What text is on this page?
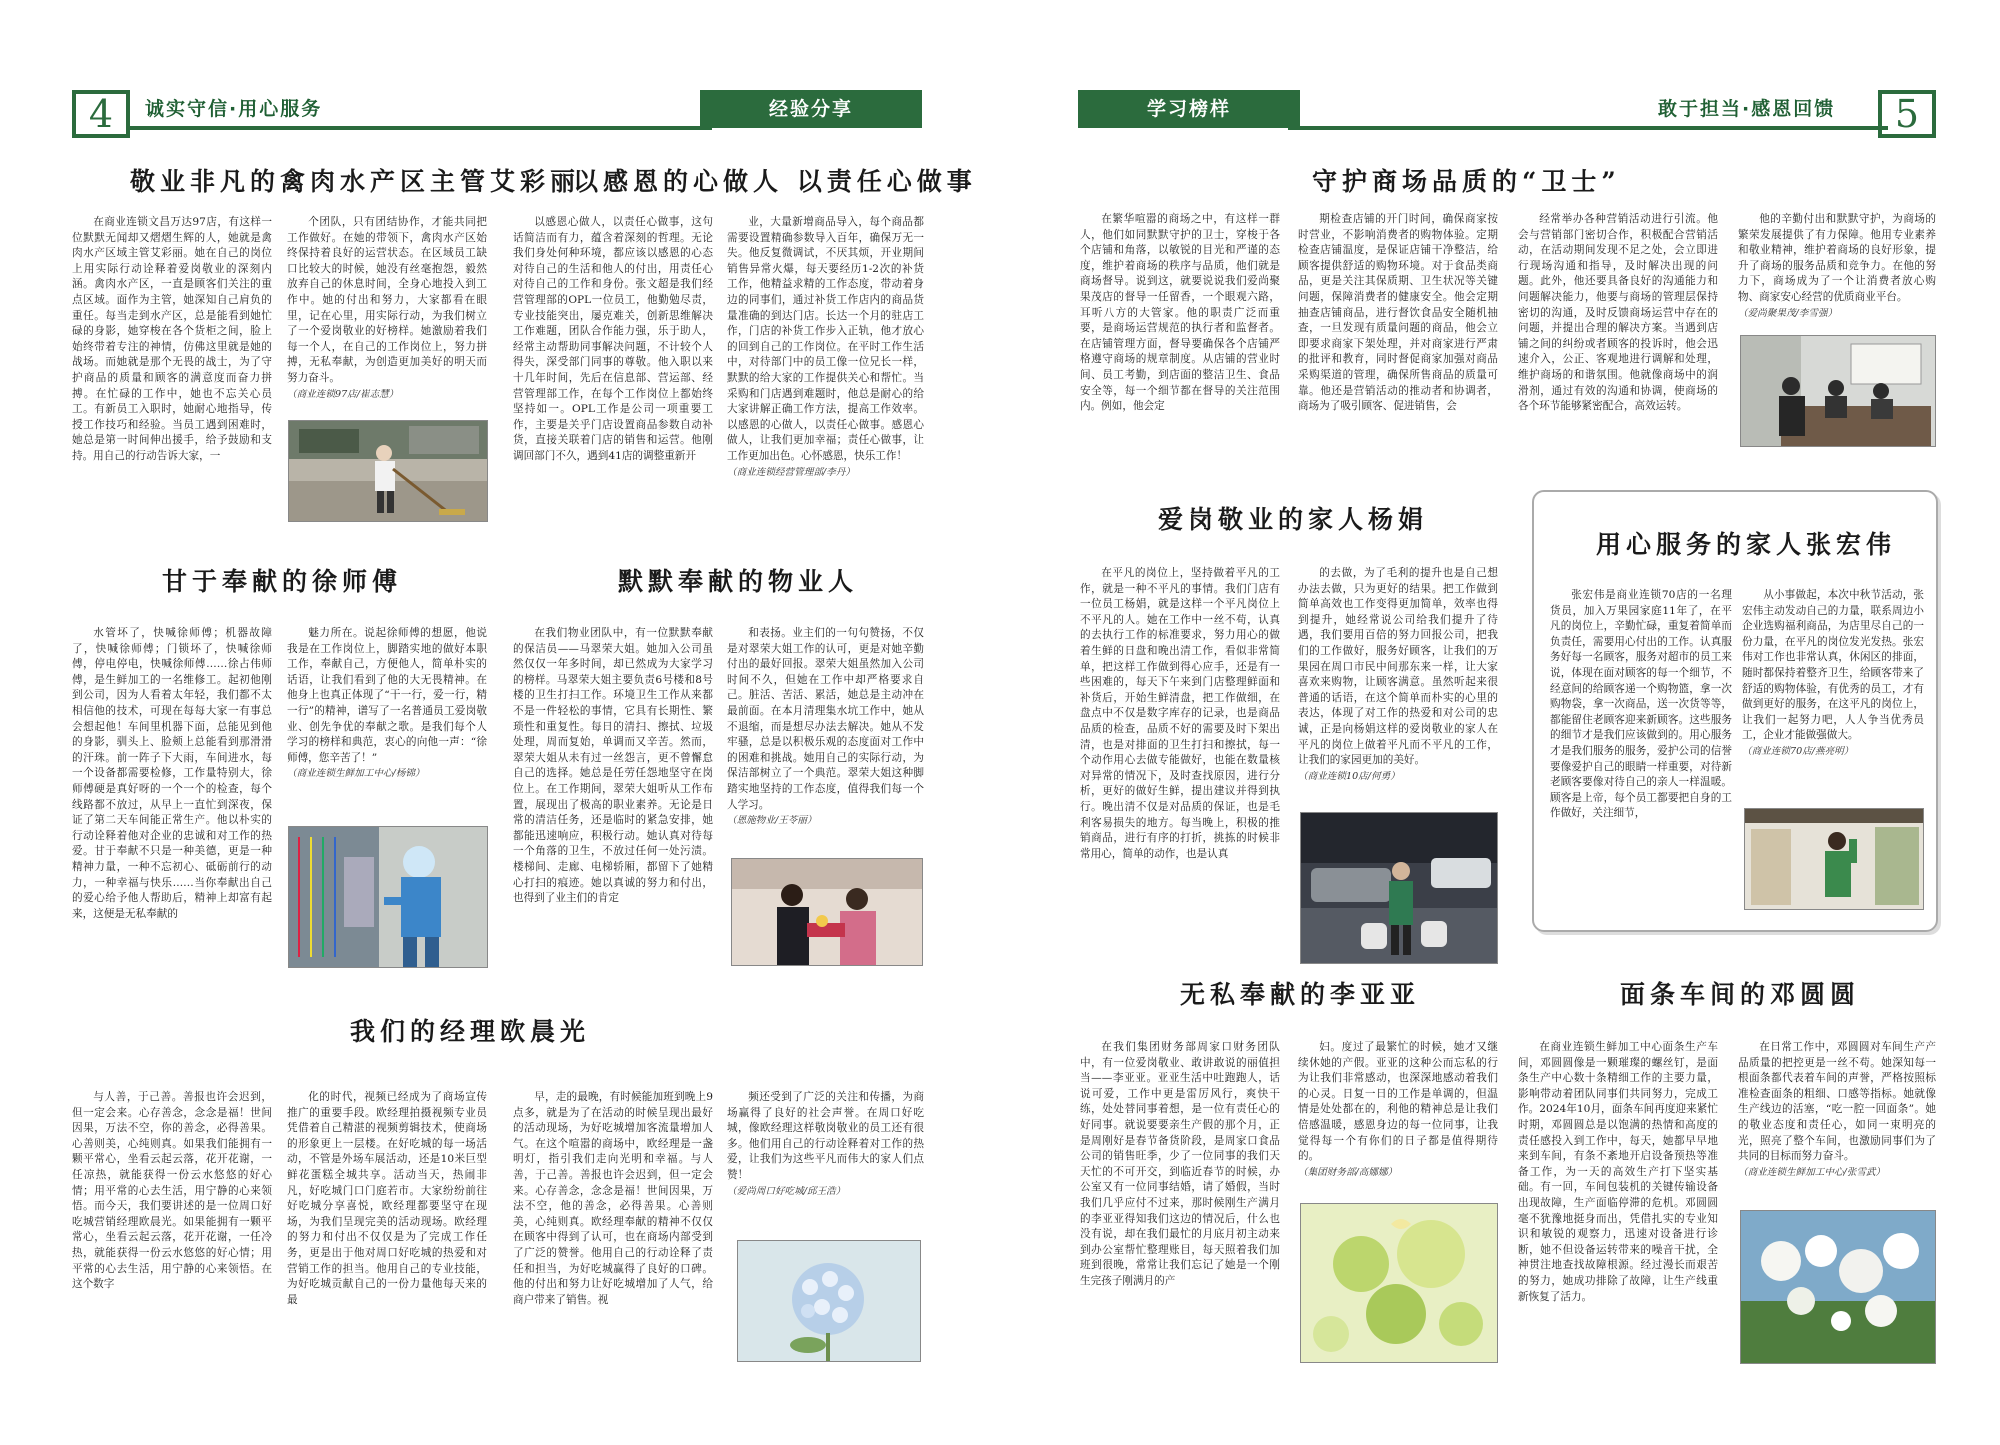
4	诚实守信·用心服务	经验分享
敬业非凡的禽肉水产区主管艾彩丽

在商业连锁文昌万达97店，有这样一位默默无闻却又熠熠生辉的人，她就是禽肉水产区域主管艾彩丽。她在自己的岗位上用实际行动诠释着爱岗敬业的深刻内涵。禽肉水产区，一直是顾客们关注的重点区域。面作为主管，她深知自己肩负的重任。每当走到水产区，总是能看到她忙碌的身影，她穿梭在各个货柜之间，脸上始终带着专注的神情，仿佛这里就是她的战场。而她就是那个无畏的战士，为了守护商品的质量和顾客的满意度而奋力拼搏。在忙碌的工作中，她也不忘关心员工。有新员工入职时，她耐心地指导，传授工作技巧和经验。当员工遇到困难时，她总是第一时间伸出援手，给予鼓励和支持。用自己的行动告诉大家，一

个团队，只有团结协作，才能共同把工作做好。在她的带领下，禽肉水产区始终保持着良好的运营状态。在区域员工缺口比较大的时候，她没有丝毫抱怨，毅然放弃自己的休息时间，全身心地投入到工作中。她的付出和努力，大家都看在眼里，记在心里，用实际行动，为我们树立了一个爱岗敬业的好榜样。她激励着我们每一个人，在自己的工作岗位上，努力拼搏，无私奉献，为创造更加美好的明天而努力奋斗。

（商业连锁97店/崔志慧）
以感恩的心做人 以责任心做事

以感恩心做人，以责任心做事，这句话简洁而有力，蕴含着深刻的哲理。无论我们身处何种环境，都应该以感恩的心态对待自己的生活和他人的付出，用责任心对待自己的工作和身份。张文超是我们经营管理部的OPL一位员工，他勤勉尽责，专业技能突出，屡克难关，创新思维解决工作难题，团队合作能力强，乐于助人，经常主动帮助同事解决问题，不计较个人得失，深受部门同事的尊敬。他入职以来十几年时间，先后在信息部、营运部、经营管理部工作，在每个工作岗位上都始终坚持如一。OPL工作是公司一项重要工作，主要是关乎门店设置商品参数自动补货，直接关联着门店的销售和运营。他刚调回部门不久，遇到41店的调整重新开

业，大量新增商品导入，每个商品都需要设置精确参数导入百年，确保万无一失。他反复微调试，不厌其烦，开业期间销售异常火爆，每天要经历1-2次的补货工作，他精益求精的工作态度，带动着身边的同事们，通过补货工作店内的商品货量准确的到达门店。长达一个月的驻店工作，门店的补货工作步入正轨，他才放心的回到自己的工作岗位。在平时工作生活中，对待部门中的员工像一位兄长一样，默默的给大家的工作提供关心和帮忙。当采购和门店遇到难题时，他总是耐心的给大家讲解正确工作方法，提高工作效率。以感恩的心做人，以责任心做事。感恩心做人，让我们更加幸福；责任心做事，让工作更加出色。心怀感恩，快乐工作！

（商业连锁经营管理部/李丹）
甘于奉献的徐师傅

水管坏了，快喊徐师傅；机器故障了，快喊徐师傅；门锁坏了，快喊徐师傅，停电停电，快喊徐师傅……徐占伟师傅，是生鲜加工的一名维修工。起初他刚到公司，因为人看着太年轻，我们都不太相信他的技术，可现在每每大家一有事总会想起他！车间里机器下面，总能见到他的身影，驯头上、脸颊上总能看到那滑滑的汗珠。前一阵子下大雨，车间进水，每一个设备都需要检修，工作量特别大，徐师傅硬是真好呀的一个一个的检查，每个线路都不放过，从早上一直忙到深夜，保证了第二天车间能正常生产。他以朴实的行动诠释着他对企业的忠诚和对工作的热爱。甘于奉献不只是一种美德，更是一种精神力量，一种不忘初心、砥砺前行的动力，一种幸福与快乐……当你奉献出自己的爱心给予他人帮助后，精神上却富有起来，这便是无私奉献的

魅力所在。说起徐师傅的想愿，他说我是在工作岗位上，脚踏实地的做好本职工作，奉献自己，方便他人，简单朴实的话语，让我们看到了他的大无畏精神。在他身上也真正体现了“干一行，爱一行，精一行”的精神，谱写了一名普通员工爱岗敬业、创先争优的奉献之歌。是我们每个人学习的榜样和典范，衷心的向他一声：“徐师傅，您辛苦了！”

（商业连锁生鲜加工中心/杨锦）
默默奉献的物业人

在我们物业团队中，有一位默默奉献的保洁员——马翠荣大姐。她加入公司虽然仅仅一年多时间，却已然成为大家学习的榜样。马翠荣大姐主要负责6号楼和8号楼的卫生打扫工作。环境卫生工作从来都不是一件轻松的事情，它具有长期性、繁琐性和重复性。每日的清扫、擦拭、垃圾处理，周而复始，单调而又辛苦。然而，翠荣大姐从未有过一丝怨言，更不曾懈怠自己的选择。她总是任劳任怨地坚守在岗位上。在工作期间，翠荣大姐听从工作布置，展现出了极高的职业素养。无论是日常的清洁任务，还是临时的紧急安排，她都能迅速响应，积极行动。她认真对待每一个角落的卫生，不放过任何一处污渍。楼梯间、走廊、电梯轿厢，都留下了她精心打扫的痕迹。她以真诚的努力和付出，也得到了业主们的肯定

和表扬。业主们的一句句赞扬，不仅是对翠荣大姐工作的认可，更是对她辛勤付出的最好回报。翠荣大姐虽然加入公司时间不久，但她在工作中却严格要求自己。脏活、苦活、累活，她总是主动冲在最前面。在本月清理集水坑工作中，她从不退缩，而是想尽办法去解决。她从不发牢骚，总是以积极乐观的态度面对工作中的困难和挑战。她用自己的实际行动，为保洁部树立了一个典范。翠荣大姐这种脚踏实地坚持的工作态度，值得我们每一个人学习。

（恩施物业/王苓丽）
我们的经理欧晨光

与人善，于己善。善报也许会迟到，但一定会来。心存善念，念念是福！世间因果，万法不空，你的善念，必得善果。心善则美，心纯则真。如果我们能拥有一颗平常心，坐看云起云落，花开花谢，一任凉热，就能获得一份云水悠悠的好心情；用平常的心去生活，用宁静的心来领悟。而今天，我们要讲述的是一位周口好吃城营销经理欧晨光。如果能拥有一颗平常心，坐看云起云落，花开花谢，一任冷热，就能获得一份云水悠悠的好心情；用平常的心去生活，用宁静的心来领悟。在这个数字

化的时代，视频已经成为了商场宣传推广的重要手段。欧经理拍摄视频专业员凭借着自己精湛的视频剪辑技术，使商场的形象更上一层楼。在好吃城的每一场活动，不管是外场车展活动，还是10米巨型鲜花蛋糕全城共享。活动当天，热闹非凡，好吃城门口门庭若市。大家纷纷前往好吃城分享喜悦，欧经理都要坚守在现场，为我们呈现完美的活动现场。欧经理的努力和付出不仅仅是为了完成工作任务，更是出于他对周口好吃城的热爱和对营销工作的担当。他用自己的专业技能，为好吃城贡献自己的一份力量他每天来的最

早，走的最晚，有时候能加班到晚上9点多，就是为了在活动的时候呈现出最好的活动现场，为好吃城增加客流量增加人气。在这个喧嚣的商场中，欧经理是一盏明灯，指引我们走向光明和幸福。与人善，于己善。善报也许会迟到，但一定会来。心存善念，念念是福！世间因果，万法不空，他的善念，必得善果。心善则美，心纯则真。欧经理奉献的精神不仅仅在顾客中得到了认可，也在商场内部受到了广泛的赞誉。他用自己的行动诠释了责任和担当，为好吃城赢得了良好的口碑。他的付出和努力让好吃城增加了人气，给商户带来了销售。视

频还受到了广泛的关注和传播，为商场赢得了良好的社会声誉。在周口好吃城，像欧经理这样敬岗敬业的员工还有很多。他们用自己的行动诠释着对工作的热爱，让我们为这些平凡而伟大的家人们点赞！

（爱尚周口好吃城/邱王浩）
学习榜样	敢于担当·感恩回馈	5
守护商场品质的“卫士”

在繁华喧嚣的商场之中，有这样一群人，他们如同默默守护的卫士，穿梭于各个店铺和角落，以敏锐的目光和严谨的态度，维护着商场的秩序与品质，他们就是商场督导。说到这，就要说说我们爱尚聚果茂店的督导一任留香，一个眼观六路，耳听八方的大管家。他的职责广泛而重要，是商场运营规范的执行者和监督者。在店铺管理方面，督导要确保各个店铺严格遵守商场的规章制度。从店铺的营业时间、员工考勤，到店面的整洁卫生、食品安全等，每一个细节都在督导的关注范围内。例如，他会定

期检查店铺的开门时间，确保商家按时营业，不影响消费者的购物体验。定期检查店铺温度，是保证店铺干净整洁，给顾客提供舒适的购物环境。对于食品类商品，更是关注其保质期、卫生状况等关键问题，保障消费者的健康安全。他会定期抽查店铺商品，进行督饮食品安全随机抽查，一旦发现有质量问题的商品，他会立即要求商家下架处理，并对商家进行严肃的批评和教育，同时督促商家加强对商品采购渠道的管理，确保所售商品的质量可靠。他还是营销活动的推动者和协调者，商场为了吸引顾客、促进销售，会

经常举办各种营销活动进行引流。他会与营销部门密切合作，积极配合营销活动，在活动期间发现不足之处，会立即进行现场沟通和指导，及时解决出现的问题。此外，他还要具备良好的沟通能力和问题解决能力，他要与商场的管理层保持密切的沟通，及时反馈商场运营中存在的问题，并提出合理的解决方案。当遇到店铺之间的纠纷或者顾客的投诉时，他会迅速介入，公正、客观地进行调解和处理，维护商场的和谐氛围。他就像商场中的润滑剂，通过有效的沟通和协调，使商场的各个环节能够紧密配合，高效运转。

他的辛勤付出和默默守护，为商场的繁荣发展提供了有力保障。他用专业素养和敬业精神，维护着商场的良好形象，提升了商场的服务品质和竞争力。在他的努力下，商场成为了一个让消费者放心购物、商家安心经营的优质商业平台。

（爱尚聚果茂/李雪强）
爱岗敬业的家人杨娟

在平凡的岗位上，坚持做着平凡的工作，就是一种不平凡的事情。我们门店有一位员工杨娟，就是这样一个平凡岗位上不平凡的人。她在工作中一丝不苟，认真的去执行工作的标准要求，努力用心的做着生鲜的日盘和晚出清工作，看似非常简单，把这样工作做到得心应手，还是有一些困难的，每天下午来到门店整理鲜面和补货后，开始生鲜清盘，把工作做细，在盘点中不仅是数字库存的记录，也是商品品质的检查，品质不好的需要及时下架出清，也是对排面的卫生打扫和擦拭，每一个动作用心去做专能做好，也能在数量核对异常的情况下，及时查找原因，进行分析，更好的做好生鲜，提出建议并得到执行。晚出清不仅是对品质的保证，也是毛利客易损失的地方。每当晚上，积极的推销商品，进行有序的打折，挑拣的时候非常用心，简单的动作，也是认真

的去做，为了毛利的提升也是自己想办法去做，只为更好的结果。把工作做到简单高效也工作变得更加简单，效率也得到提升，她经常说公司给我们提升了待遇，我们要用百倍的努力回报公司，把我们的工作做好，服务好顾客，让我们的万果园在周口市民中间那东来一样，让大家喜欢来购物，让顾客满意。虽然听起来很普通的话语，在这个简单而朴实的心里的表达，体现了对工作的热爱和对公司的忠诚，正是向杨娟这样的爱岗敬业的家人在平凡的岗位上做着平凡而不平凡的工作，让我们的家园更加的美好。

（商业连锁10店/何勇）
用心服务的家人张宏伟

张宏伟是商业连锁70店的一名理货员，加入万果园家庭11年了，在平凡的岗位上，辛勤忙碌，重复着简单而负责任，需要用心付出的工作。认真服务好每一名顾客，服务对超市的员工来说，体现在面对顾客的每一个细节，不经意间的给顾客递一个购物篮，拿一次购物袋，拿一次商品，送一次货等等，都能留住老顾客迎来新顾客。这些服务的细节才是我们应该做到的。用心服务才是我们服务的服务，爱护公司的信誉要像爱护自己的眼睛一样重要，对待新老顾客要像对待自己的亲人一样温暖。顾客是上帝，每个员工都要把自身的工作做好，关注细节，

从小事做起，本次中秋节活动，张宏伟主动发动自己的力量，联系周边小企业选购福利商品，为店里尽自己的一份力量，在平凡的岗位发光发热。张宏伟对工作也非常认真，休闲区的排面，随时都保持着整齐卫生，给顾客带来了舒适的购物体验，有优秀的员工，才有做到更好的服务，在这平凡的岗位上，让我们一起努力吧，人人争当优秀员工，企业才能做强做大。

（商业连锁70店/燕亮明）
无私奉献的李亚亚

在我们集团财务部周家口财务团队中，有一位爱岗敬业、敢讲敢说的丽值担当——李亚亚。亚亚生活中吐跑跑人，话说可爱，工作中更是雷厉风行，爽快干练，处处替同事着想，是一位有责任心的好同事。就说要要亲生产假的那个月，正是周刚好是春节备货阶段，是周家口食品公司的销售旺季，少了一位同事的我们天天忙的不可开交，到临近春节的时候，办公室又有一位同事结婚，请了婚假，当时我们几乎应付不过来，那时候刚生产满月的李亚亚得知我们这边的情况后，什么也没有说，却在我们最忙的月底月初主动来到办公室帮忙整理账目，每天照着我们加班到很晚，常常让我们忘记了她是一个刚生完孩子刚满月的产

妇。度过了最繁忙的时候，她才又继续休她的产假。亚亚的这种公而忘私的行为让我们非常感动，也深深地感动着我们的心灵。日复一日的工作是单调的，但温情是处处都在的，利他的精神总是让我们倍感温暖，感恩身边的每一位同事，让我觉得每一个有你们的日子都是值得期待的。

（集团财务部/高娜娜）
面条车间的邓圆圆

在商业连锁生鲜加工中心面条生产车间，邓圆圆像是一颗璀璨的螺丝钉，是面条生产中心数十条精细工作的主要力量，影响带动着团队同事们共同努力，完成工作。2024年10月，面条车间再度迎来紧忙时期，邓圆圆总是以饱满的热情和高度的责任感投入到工作中，每天，她都早早地来到车间，有条不紊地开启设备预热等准备工作，为一天的高效生产打下坚实基础。有一回，车间包装机的关键传输设备出现故障，生产面临停滞的危机。邓圆圆毫不犹豫地挺身而出，凭借扎实的专业知识和敏锐的观察力，迅速对设备进行诊断，她不但设备运转带来的噪音干扰，全神贯注地查找故障根源。经过漫长而艰苦的努力，她成功排除了故障，让生产线重新恢复了活力。

在日常工作中，邓圆圆对车间生产产品质量的把控更是一丝不苟。她深知每一根面条都代表着车间的声誉，严格按照标准检查面条的粗细、口感等指标。她就像生产线边的活塞，“吃一腔一回面条”。她的敬业态度和责任心，如同一束明亮的光，照亮了整个车间，也激励同事们为了共同的目标而努力奋斗。

（商业连锁生鲜加工中心/张雪武）
